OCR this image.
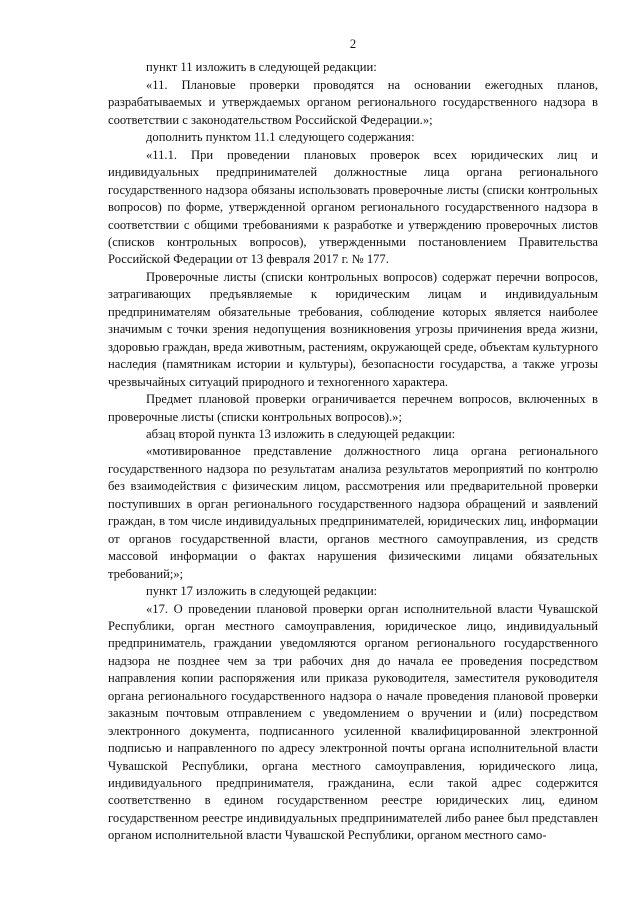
2

пункт 11 изложить в следующей редакции:

«11. Плановые проверки проводятся на основании ежегодных планов, разрабатываемых и утверждаемых органом регионального государственного надзора в соответствии с законодательством Российской Федерации.»;

дополнить пунктом 11.1 следующего содержания:

«11.1. При проведении плановых проверок всех юридических лиц и индивидуальных предпринимателей должностные лица органа регионального государственного надзора обязаны использовать проверочные листы (списки контрольных вопросов) по форме, утвержденной органом регионального государственного надзора в соответствии с общими требованиями к разработке и утверждению проверочных листов (списков контрольных вопросов), утвержденными постановлением Правительства Российской Федерации от 13 февраля 2017 г. № 177.

Проверочные листы (списки контрольных вопросов) содержат перечни вопросов, затрагивающих предъявляемые к юридическим лицам и индивидуальным предпринимателям обязательные требования, соблюдение которых является наиболее значимым с точки зрения недопущения возникновения угрозы причинения вреда жизни, здоровью граждан, вреда животным, растениям, окружающей среде, объектам культурного наследия (памятникам истории и культуры), безопасности государства, а также угрозы чрезвычайных ситуаций природного и техногенного характера.

Предмет плановой проверки ограничивается перечнем вопросов, включенных в проверочные листы (списки контрольных вопросов).»;

абзац второй пункта 13 изложить в следующей редакции:

«мотивированное представление должностного лица органа регионального государственного надзора по результатам анализа результатов мероприятий по контролю без взаимодействия с физическим лицом, рассмотрения или предварительной проверки поступивших в орган регионального государственного надзора обращений и заявлений граждан, в том числе индивидуальных предпринимателей, юридических лиц, информации от органов государственной власти, органов местного самоуправления, из средств массовой информации о фактах нарушения физическими лицами обязательных требований;»;

пункт 17 изложить в следующей редакции:

«17. О проведении плановой проверки орган исполнительной власти Чувашской Республики, орган местного самоуправления, юридическое лицо, индивидуальный предприниматель, граждании уведомляются органом регионального государственного надзора не позднее чем за три рабочих дня до начала ее проведения посредством направления копии распоряжения или приказа руководителя, заместителя руководителя органа регионального государственного надзора о начале проведения плановой проверки заказным почтовым отправлением с уведомлением о вручении и (или) посредством электронного документа, подписанного усиленной квалифицированной электронной подписью и направленного по адресу электронной почты органа исполнительной власти Чувашской Республики, органа местного самоуправления, юридического лица, индивидуального предпринимателя, гражданина, если такой адрес содержится соответственно в едином государственном реестре юридических лиц, едином государственном реестре индивидуальных предпринимателей либо ранее был представлен органом исполнительной власти Чувашской Республики, органом местного само-
